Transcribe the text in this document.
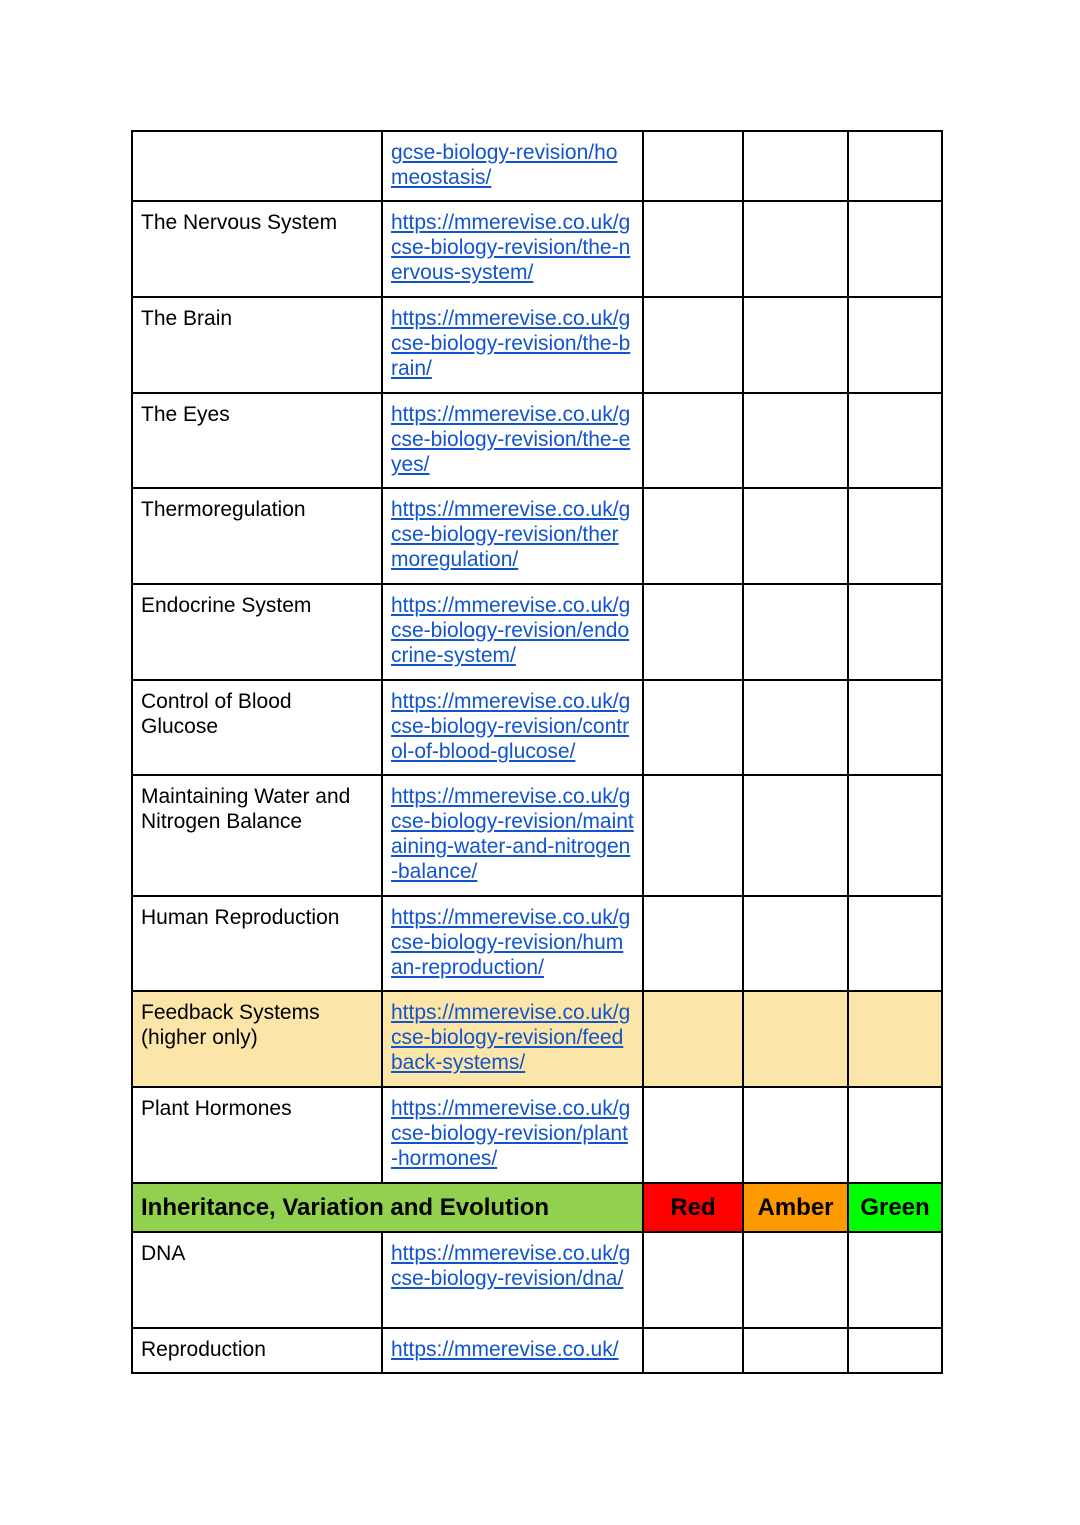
	gcse-biology-revision/homeostasis/			

The Nervous System	https://mmerevise.co.uk/gcse-biology-revision/the-nervous-system/			

The Brain	https://mmerevise.co.uk/gcse-biology-revision/the-brain/			

The Eyes	https://mmerevise.co.uk/gcse-biology-revision/the-eyes/			

Thermoregulation	https://mmerevise.co.uk/gcse-biology-revision/thermoregulation/			

Endocrine System	https://mmerevise.co.uk/gcse-biology-revision/endocrine-system/			

Control of Blood Glucose	https://mmerevise.co.uk/gcse-biology-revision/control-of-blood-glucose/			

Maintaining Water and Nitrogen Balance	https://mmerevise.co.uk/gcse-biology-revision/maintaining-water-and-nitrogen-balance/			

Human Reproduction	https://mmerevise.co.uk/gcse-biology-revision/human-reproduction/			

Feedback Systems (higher only)	https://mmerevise.co.uk/gcse-biology-revision/feedback-systems/			

Plant Hormones	https://mmerevise.co.uk/gcse-biology-revision/plant-hormones/			

Inheritance, Variation and Evolution		Red	Amber	Green
DNA	https://mmerevise.co.uk/gcse-biology-revision/dna/			

Reproduction	https://mmerevise.co.uk/			
